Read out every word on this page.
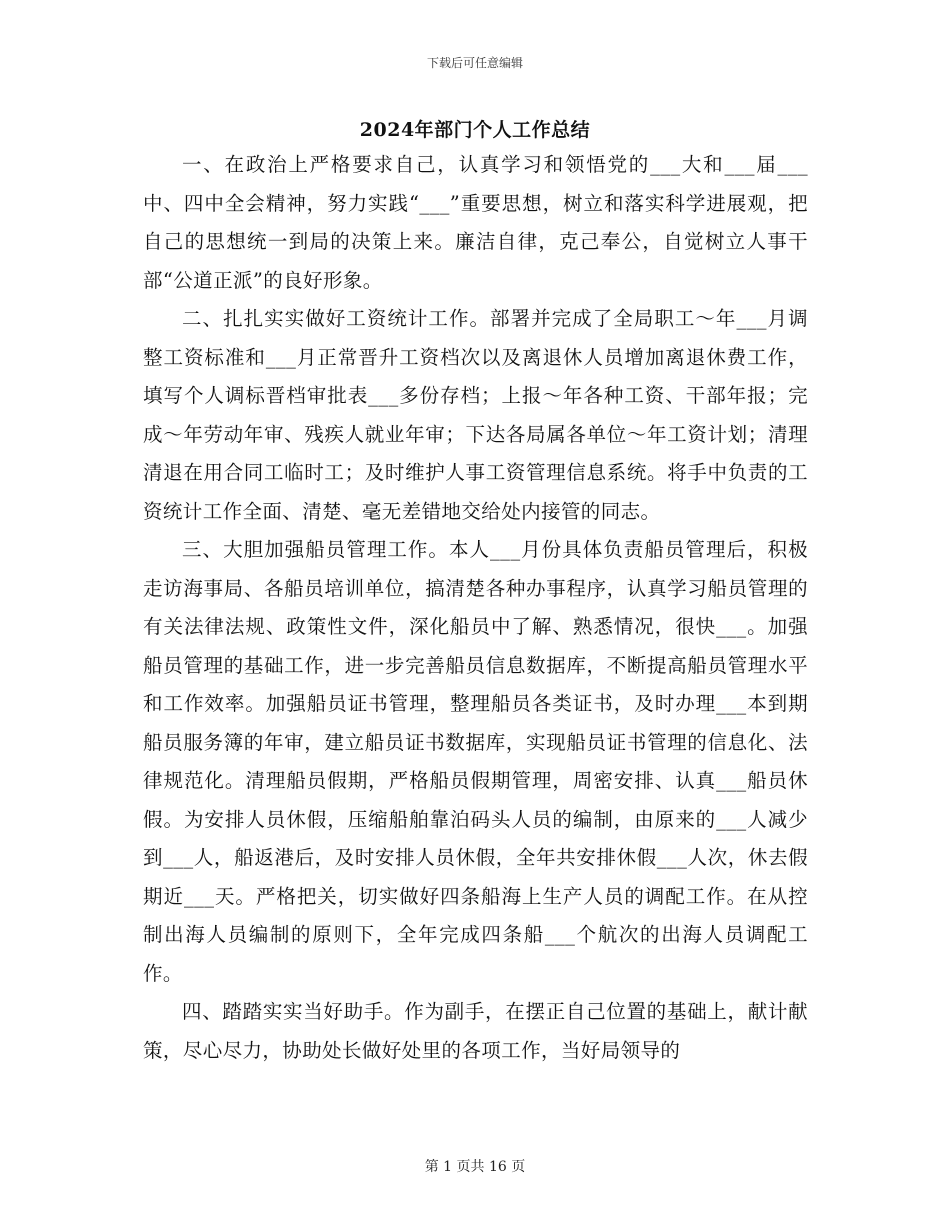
下载后可任意编辑
2024年部门个人工作总结

一、在政治上严格要求自己，认真学习和领悟党的___大和___届___中、四中全会精神，努力实践“___”重要思想，树立和落实科学进展观，把自己的思想统一到局的决策上来。廉洁自律，克己奉公，自觉树立人事干部“公道正派”的良好形象。

二、扎扎实实做好工资统计工作。部署并完成了全局职工～年___月调整工资标准和___月正常晋升工资档次以及离退休人员增加离退休费工作，填写个人调标晋档审批表___多份存档；上报～年各种工资、干部年报；完成～年劳动年审、残疾人就业年审；下达各局属各单位～年工资计划；清理清退在用合同工临时工；及时维护人事工资管理信息系统。将手中负责的工资统计工作全面、清楚、毫无差错地交给处内接管的同志。

三、大胆加强船员管理工作。本人___月份具体负责船员管理后，积极走访海事局、各船员培训单位，搞清楚各种办事程序，认真学习船员管理的有关法律法规、政策性文件，深化船员中了解、熟悉情况，很快___。加强船员管理的基础工作，进一步完善船员信息数据库，不断提高船员管理水平和工作效率。加强船员证书管理，整理船员各类证书，及时办理___本到期船员服务簿的年审，建立船员证书数据库，实现船员证书管理的信息化、法律规范化。清理船员假期，严格船员假期管理，周密安排、认真___船员休假。为安排人员休假，压缩船舶靠泊码头人员的编制，由原来的___人减少到___人，船返港后，及时安排人员休假，全年共安排休假___人次，休去假期近___天。严格把关，切实做好四条船海上生产人员的调配工作。在从控制出海人员编制的原则下，全年完成四条船___个航次的出海人员调配工作。

四、踏踏实实当好助手。作为副手，在摆正自己位置的基础上，献计献策，尽心尽力，协助处长做好处里的各项工作，当好局领导的

第 1 页共 16 页
